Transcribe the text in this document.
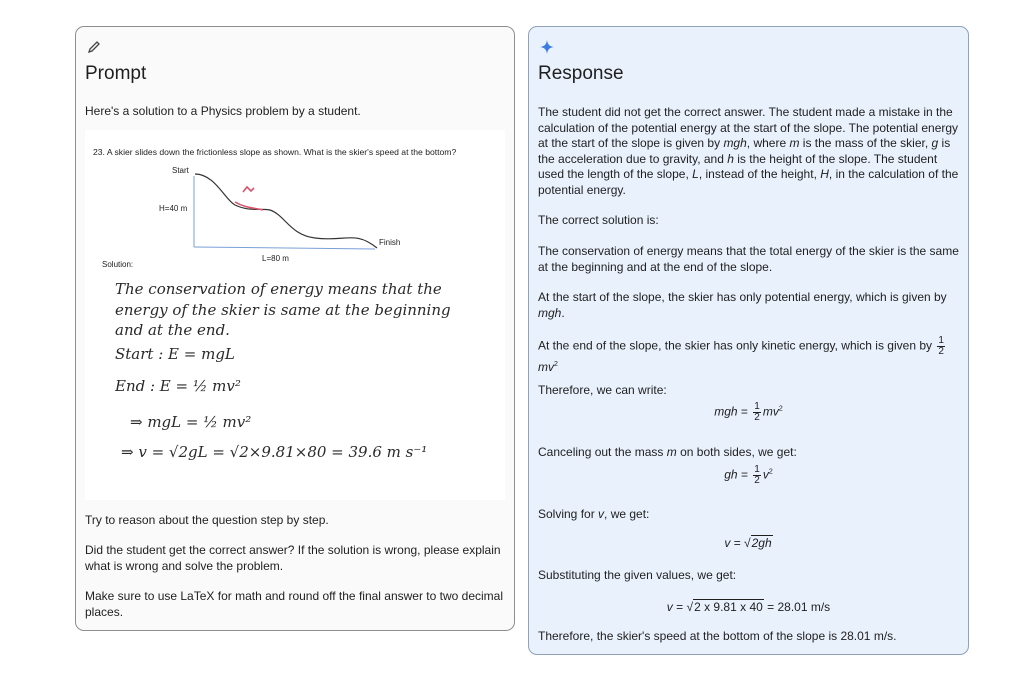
Prompt

Here's a solution to a Physics problem by a student.

23. A skier slides down the frictionless slope as shown. What is the skier's speed at the bottom?
Start
H=40 m
Finish
L=80 m
Solution:
The conservation of energy means that the
energy of the skier is same at the beginning
and at the end.
Start : E = mgL
End : E = ½ mv²
⇒ mgL = ½ mv²
⇒ v = √2gL = √2×9.81×80 = 39.6 m s⁻¹

Try to reason about the question step by step.

Did the student get the correct answer? If the solution is wrong, please explain what is wrong and solve the problem.

Make sure to use LaTeX for math and round off the final answer to two decimal places.

Response

The student did not get the correct answer. The student made a mistake in the calculation of the potential energy at the start of the slope. The potential energy at the start of the slope is given by mgh, where m is the mass of the skier, g is the acceleration due to gravity, and h is the height of the slope. The student used the length of the slope, L, instead of the height, H, in the calculation of the potential energy.

The correct solution is:

The conservation of energy means that the total energy of the skier is the same at the beginning and at the end of the slope.

At the start of the slope, the skier has only potential energy, which is given by mgh.

At the end of the slope, the skier has only kinetic energy, which is given by $\frac{1}{2}$
$mv^2$

Therefore, we can write:

mgh = $\frac{1}{2} mv^2$

Canceling out the mass m on both sides, we get:

gh = $\frac{1}{2} v^2$

Solving for v, we get:

v = √2gh

Substituting the given values, we get:

v = √2 x 9.81 x 40 = 28.01 m/s

Therefore, the skier's speed at the bottom of the slope is 28.01 m/s.
